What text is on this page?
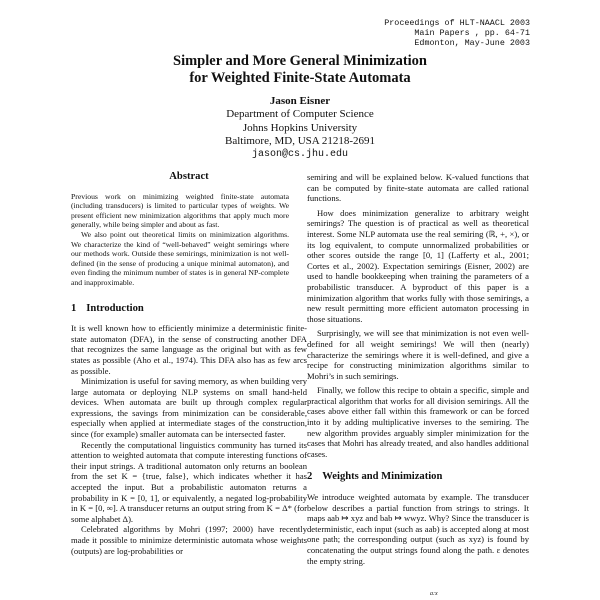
Proceedings of HLT-NAACL 2003
Main Papers , pp. 64-71
Edmonton, May-June 2003
Simpler and More General Minimization
for Weighted Finite-State Automata
Jason Eisner
Department of Computer Science
Johns Hopkins University
Baltimore, MD, USA 21218-2691
jason@cs.jhu.edu
Abstract

Previous work on minimizing weighted finite-state automata (including transducers) is limited to particular types of weights. We present efficient new minimization algorithms that apply much more generally, while being simpler and about as fast.

We also point out theoretical limits on minimization algorithms. We characterize the kind of “well-behaved” weight semirings where our methods work. Outside these semirings, minimization is not well-defined (in the sense of producing a unique minimal automaton), and even finding the minimum number of states is in general NP-complete and inapproximable.

1 Introduction

It is well known how to efficiently minimize a deterministic finite-state automaton (DFA), in the sense of constructing another DFA that recognizes the same language as the original but with as few states as possible (Aho et al., 1974). This DFA also has as few arcs as possible.

Minimization is useful for saving memory, as when building very large automata or deploying NLP systems on small hand-held devices. When automata are built up through complex regular expressions, the savings from minimization can be considerable, especially when applied at intermediate stages of the construction, since (for example) smaller automata can be intersected faster.

Recently the computational linguistics community has turned its attention to weighted automata that compute interesting functions of their input strings. A traditional automaton only returns an boolean from the set K = {true, false}, which indicates whether it has accepted the input. But a probabilistic automaton returns a probability in K = [0, 1], or equivalently, a negated log-probability in K = [0, ∞]. A transducer returns an output string from K = Δ* (for some alphabet Δ).

Celebrated algorithms by Mohri (1997; 2000) have recently made it possible to minimize deterministic automata whose weights (outputs) are log-probabilities or

semiring and will be explained below. K-valued functions that can be computed by finite-state automata are called rational functions.

How does minimization generalize to arbitrary weight semirings? The question is of practical as well as theoretical interest. Some NLP automata use the real semiring (ℝ, +, ×), or its log equivalent, to compute unnormalized probabilities or other scores outside the range [0, 1] (Lafferty et al., 2001; Cortes et al., 2002). Expectation semirings (Eisner, 2002) are used to handle bookkeeping when training the parameters of a probabilistic transducer. A byproduct of this paper is a minimization algorithm that works fully with those semirings, a new result permitting more efficient automaton processing in those situations.

Surprisingly, we will see that minimization is not even well-defined for all weight semirings! We will then (nearly) characterize the semirings where it is well-defined, and give a recipe for constructing minimization algorithms similar to Mohri’s in such semirings.

Finally, we follow this recipe to obtain a specific, simple and practical algorithm that works for all division semirings. All the cases above either fall within this framework or can be forced into it by adding multiplicative inverses to the semiring. The new algorithm provides arguably simpler minimization for the cases that Mohri has already treated, and also handles additional cases.

2 Weights and Minimization

We introduce weighted automata by example. The transducer below describes a partial function from strings to strings. It maps aab ↦ xyz and bab ↦ wwyz. Why? Since the transducer is deterministic, each input (such as aab) is accepted along at most one path; the corresponding output (such as xyz) is found by concatenating the output strings found along the path. ε denotes the empty string.

a:x
